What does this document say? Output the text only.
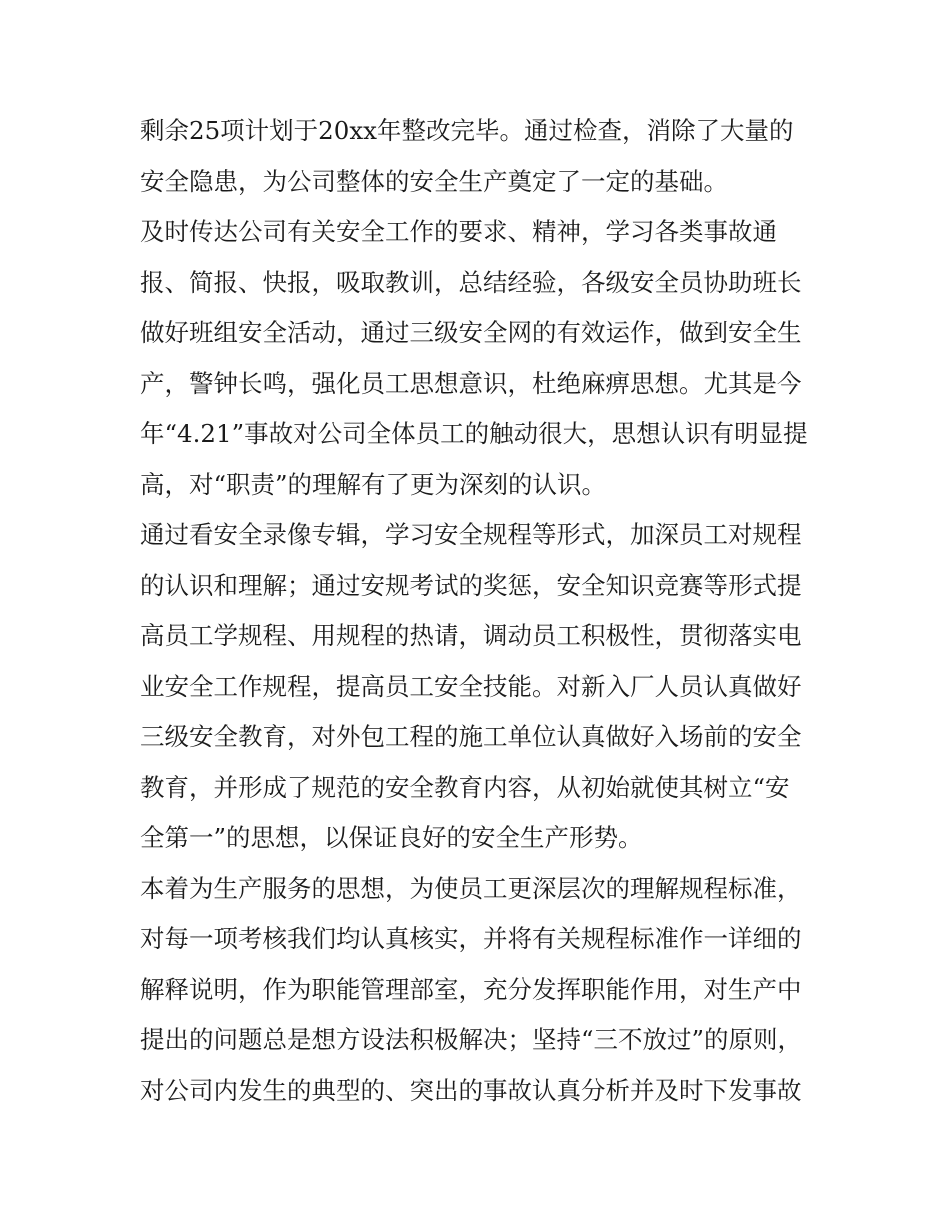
剩余25项计划于20xx年整改完毕。通过检查，消除了大量的
安全隐患，为公司整体的安全生产奠定了一定的基础。
及时传达公司有关安全工作的要求、精神，学习各类事故通
报、简报、快报，吸取教训，总结经验，各级安全员协助班长
做好班组安全活动，通过三级安全网的有效运作，做到安全生
产，警钟长鸣，强化员工思想意识，杜绝麻痹思想。尤其是今
年“4.21”事故对公司全体员工的触动很大，思想认识有明显提
高，对“职责”的理解有了更为深刻的认识。
通过看安全录像专辑，学习安全规程等形式，加深员工对规程
的认识和理解；通过安规考试的奖惩，安全知识竞赛等形式提
高员工学规程、用规程的热请，调动员工积极性，贯彻落实电
业安全工作规程，提高员工安全技能。对新入厂人员认真做好
三级安全教育，对外包工程的施工单位认真做好入场前的安全
教育，并形成了规范的安全教育内容，从初始就使其树立“安
全第一”的思想，以保证良好的安全生产形势。
本着为生产服务的思想，为使员工更深层次的理解规程标准，
对每一项考核我们均认真核实，并将有关规程标准作一详细的
解释说明，作为职能管理部室，充分发挥职能作用，对生产中
提出的问题总是想方设法积极解决；坚持“三不放过”的原则，
对公司内发生的典型的、突出的事故认真分析并及时下发事故
